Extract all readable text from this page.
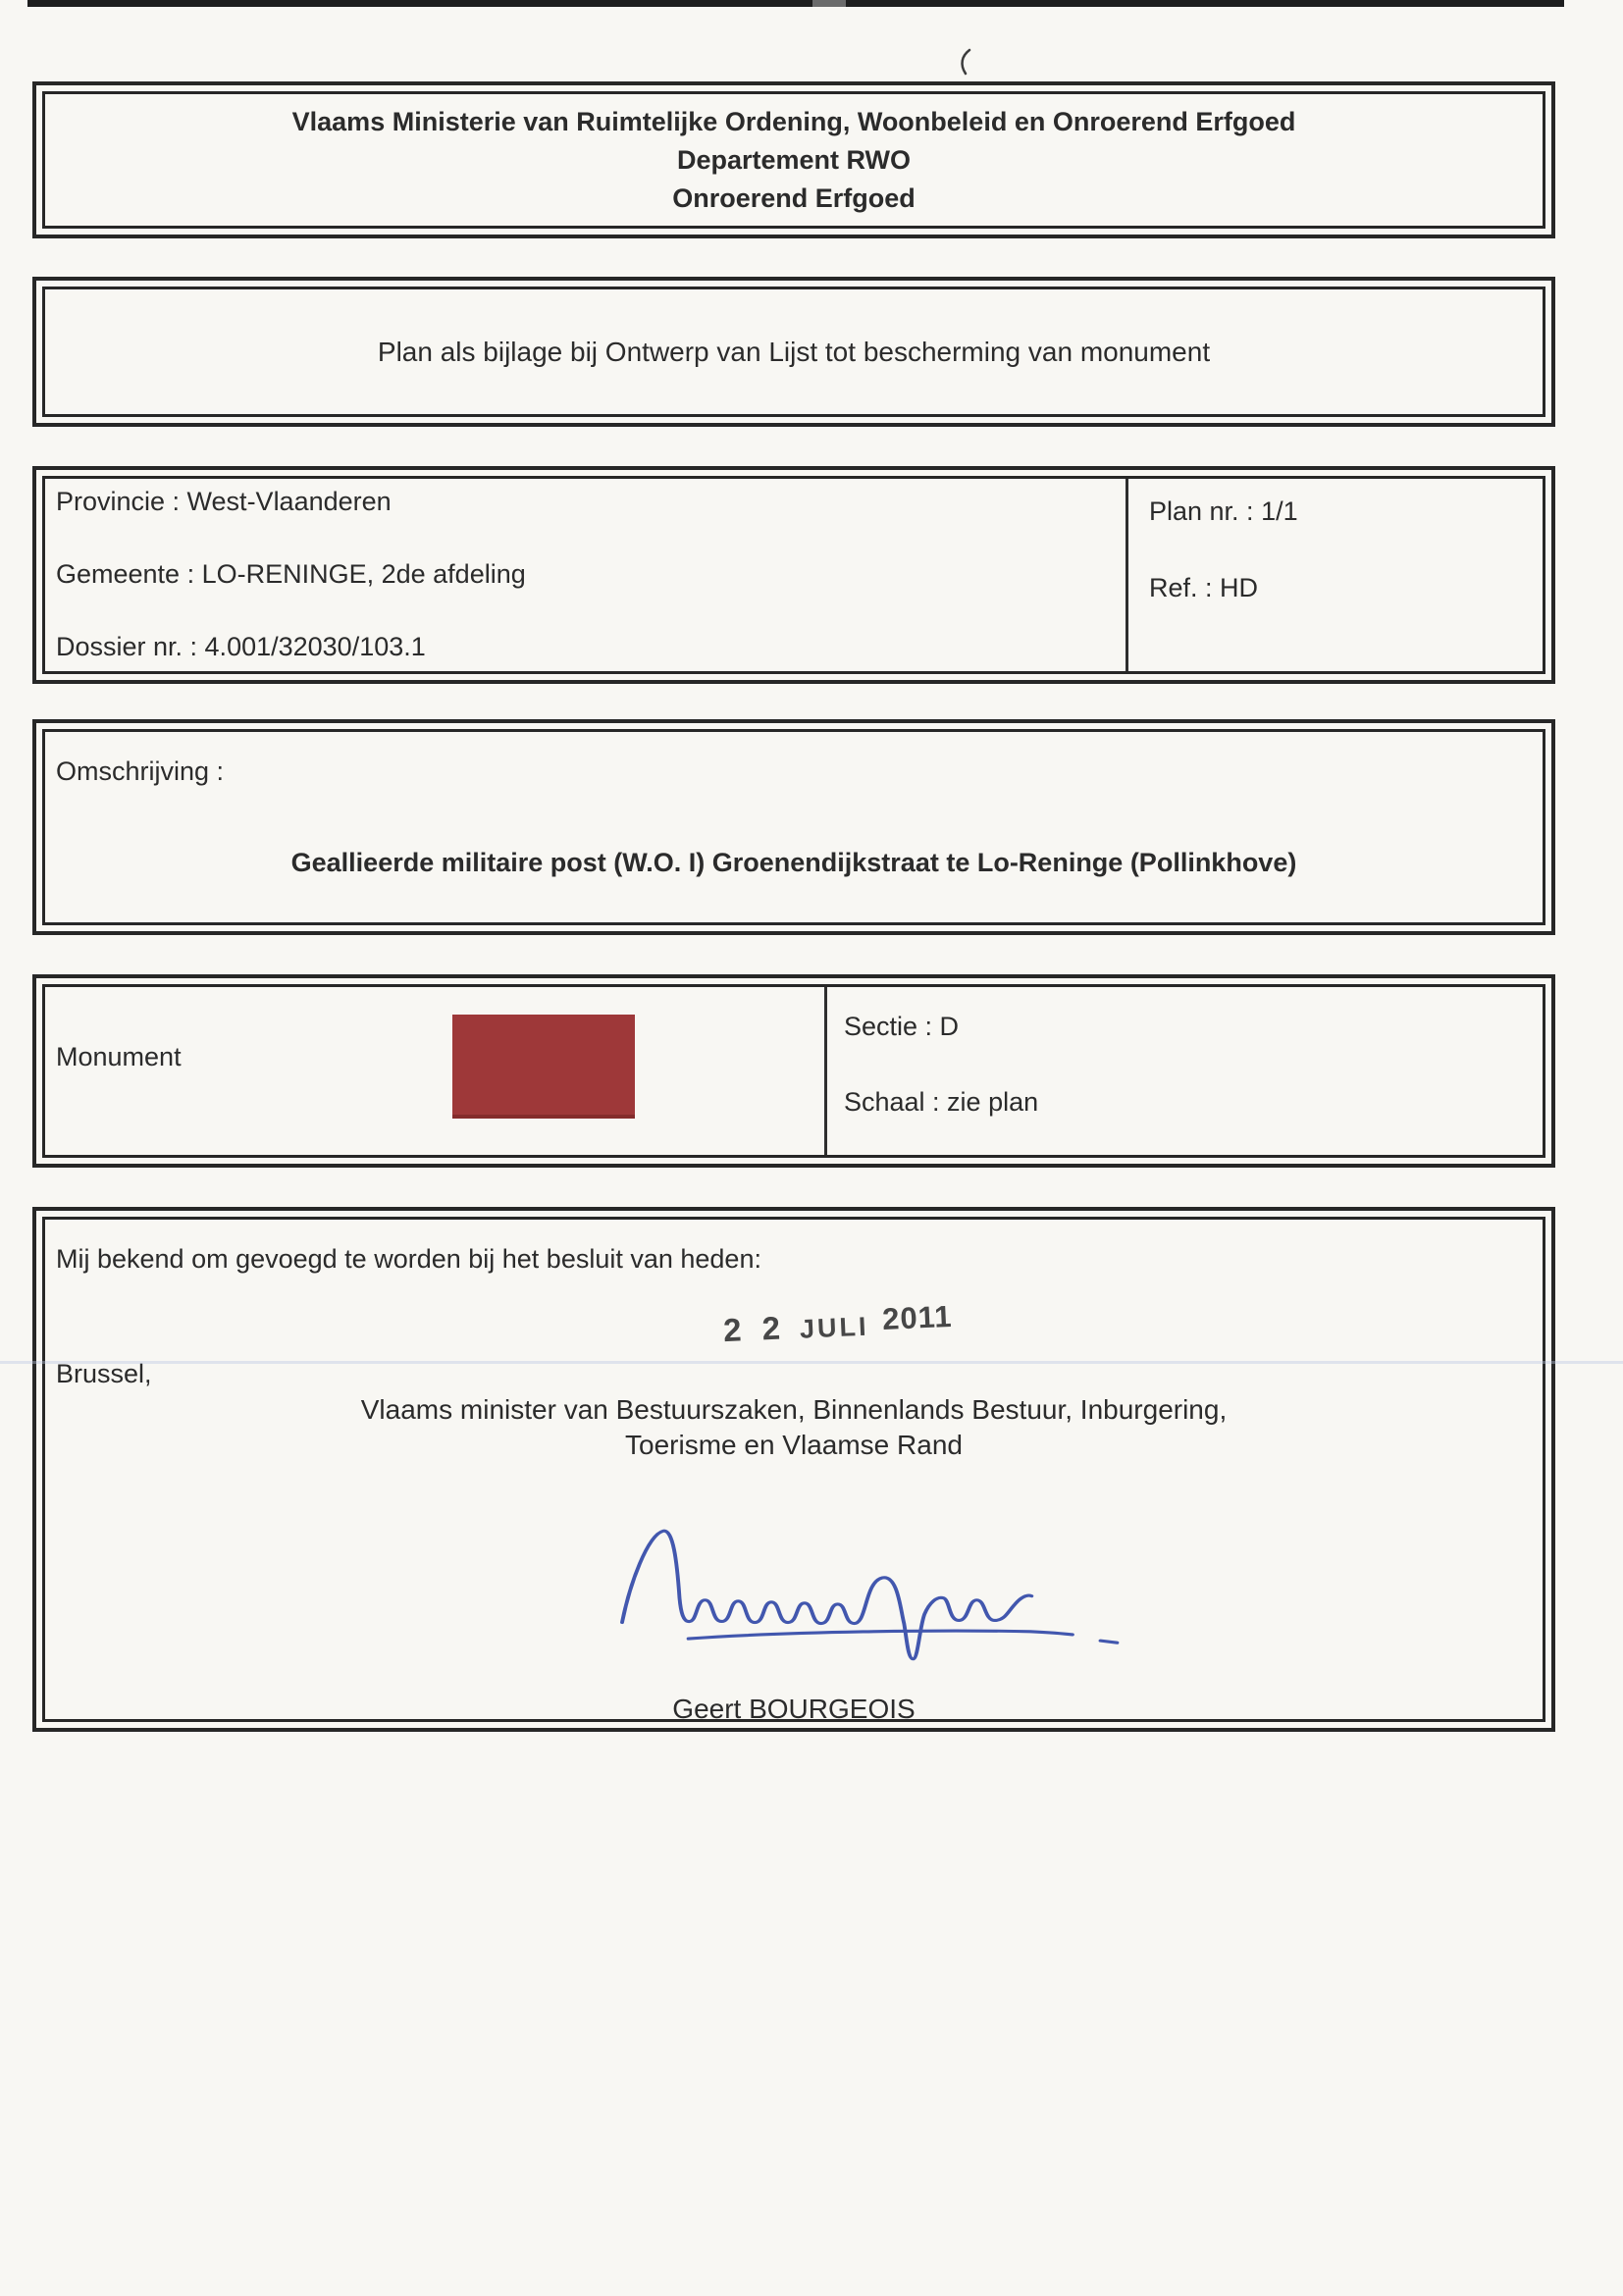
Vlaams Ministerie van Ruimtelijke Ordening, Woonbeleid en Onroerend Erfgoed
Departement RWO
Onroerend Erfgoed
Plan als bijlage bij Ontwerp van Lijst tot bescherming van monument
Provincie : West-Vlaanderen
Gemeente : LO-RENINGE, 2de afdeling
Dossier nr. : 4.001/32030/103.1
Plan nr. : 1/1
Ref. : HD
Omschrijving :
Geallieerde militaire post (W.O. I) Groenendijkstraat te Lo-Reninge (Pollinkhove)
Monument
Sectie : D
Schaal : zie plan
Mij bekend om gevoegd te worden bij het besluit van heden:
2 2 JULI 2011
Brussel,
Vlaams minister van Bestuurszaken, Binnenlands Bestuur, Inburgering,
Toerisme en Vlaamse Rand
Geert BOURGEOIS
